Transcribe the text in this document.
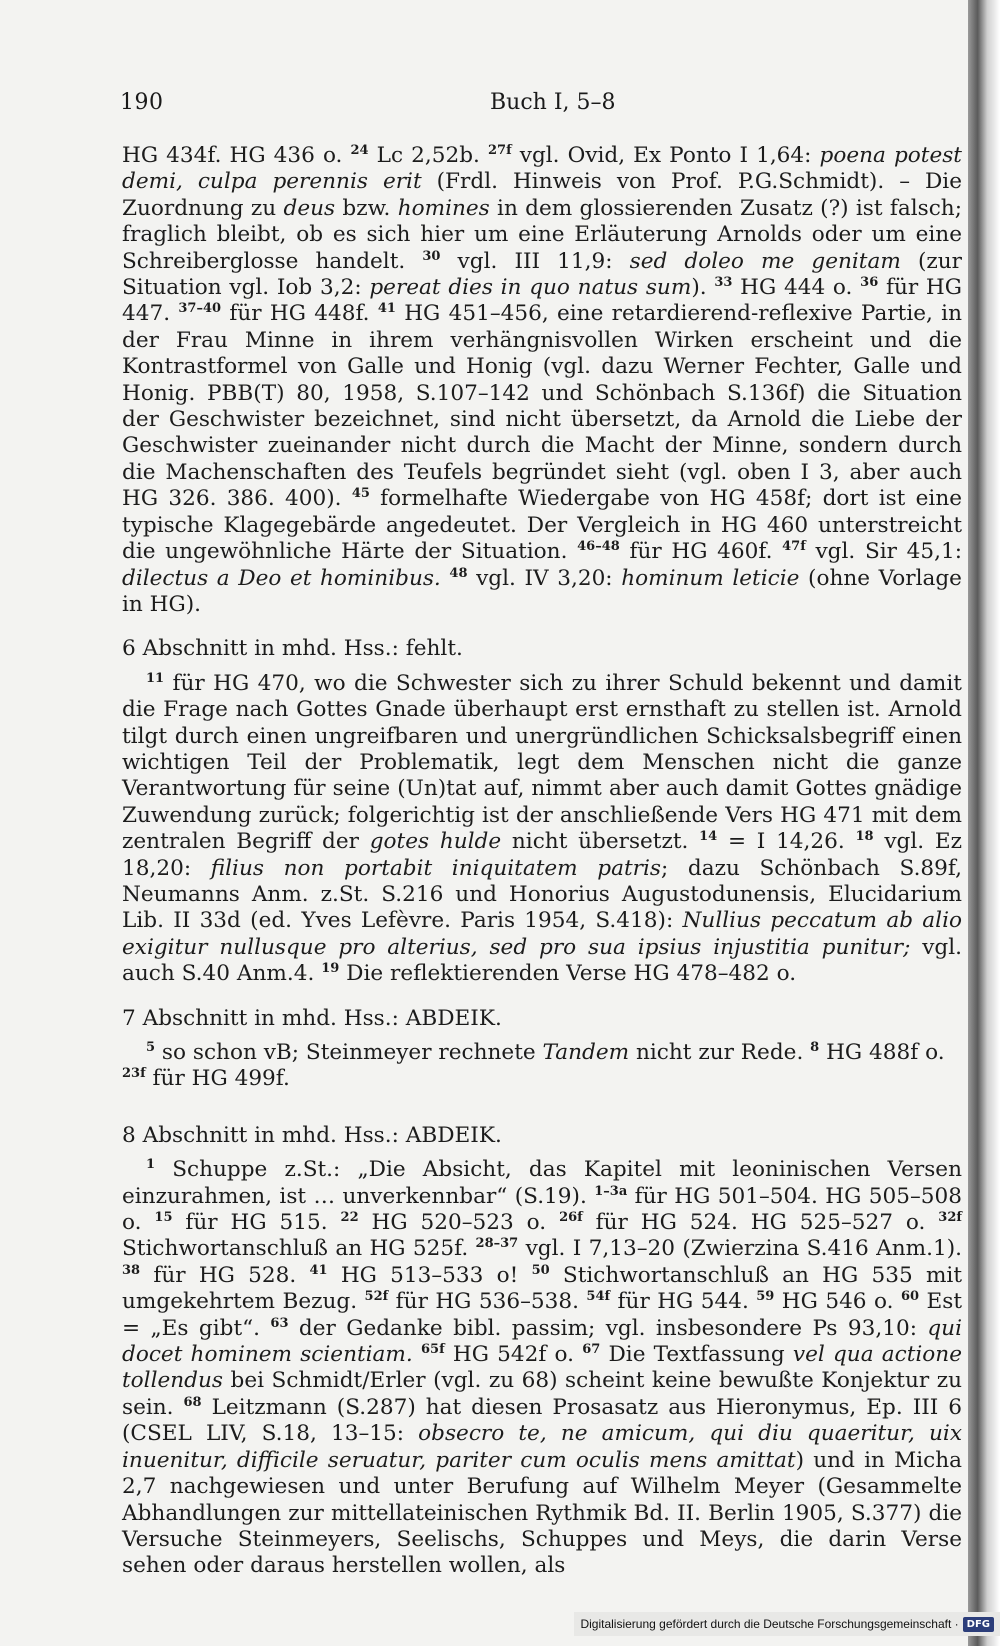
190	Buch I, 5–8

HG 434f. HG 436 o. $^{24}$ Lc 2,52b. $^{27f}$ vgl. Ovid, Ex Ponto I 1,64: poena potest demi, culpa perennis erit (Frdl. Hinweis von Prof. P.G.Schmidt). – Die Zuordnung zu deus bzw. homines in dem glossierenden Zusatz (?) ist falsch; fraglich bleibt, ob es sich hier um eine Erläuterung Arnolds oder um eine Schreiberglosse handelt. $^{30}$ vgl. III 11,9: sed doleo me genitam (zur Situation vgl. Iob 3,2: pereat dies in quo natus sum). $^{33}$ HG 444 o. $^{36}$ für HG 447. $^{37-40}$ für HG 448f. $^{41}$ HG 451–456, eine retardierend-reflexive Partie, in der Frau Minne in ihrem verhängnisvollen Wirken erscheint und die Kontrastformel von Galle und Honig (vgl. dazu Werner Fechter, Galle und Honig. PBB(T) 80, 1958, S.107–142 und Schönbach S.136f) die Situation der Geschwister bezeichnet, sind nicht übersetzt, da Arnold die Liebe der Geschwister zueinander nicht durch die Macht der Minne, sondern durch die Machenschaften des Teufels begründet sieht (vgl. oben I 3, aber auch HG 326. 386. 400). $^{45}$ formelhafte Wiedergabe von HG 458f; dort ist eine typische Klagegebärde angedeutet. Der Vergleich in HG 460 unterstreicht die ungewöhnliche Härte der Situation. $^{46-48}$ für HG 460f. $^{47f}$ vgl. Sir 45,1: dilectus a Deo et hominibus. $^{48}$ vgl. IV 3,20: hominum leticie (ohne Vorlage in HG).

6 Abschnitt in mhd. Hss.: fehlt.

$^{11}$ für HG 470, wo die Schwester sich zu ihrer Schuld bekennt und damit die Frage nach Gottes Gnade überhaupt erst ernsthaft zu stellen ist. Arnold tilgt durch einen ungreifbaren und unergründlichen Schicksalsbegriff einen wichtigen Teil der Problematik, legt dem Menschen nicht die ganze Verantwortung für seine (Un)tat auf, nimmt aber auch damit Gottes gnädige Zuwendung zurück; folgerichtig ist der anschließende Vers HG 471 mit dem zentralen Begriff der gotes hulde nicht übersetzt. $^{14}$ = I 14,26. $^{18}$ vgl. Ez 18,20: filius non portabit iniquitatem patris; dazu Schönbach S.89f, Neumanns Anm. z.St. S.216 und Honorius Augustodunensis, Elucidarium Lib. II 33d (ed. Yves Lefèvre. Paris 1954, S.418): Nullius peccatum ab alio exigitur nullusque pro alterius, sed pro sua ipsius injustitia punitur; vgl. auch S.40 Anm.4. $^{19}$ Die reflektierenden Verse HG 478–482 o.

7 Abschnitt in mhd. Hss.: ABDEIK.

$^5$ so schon vB; Steinmeyer rechnete Tandem nicht zur Rede. $^8$ HG 488f o.
$^{23f}$ für HG 499f.

8 Abschnitt in mhd. Hss.: ABDEIK.

$^1$ Schuppe z.St.: „Die Absicht, das Kapitel mit leoninischen Versen einzurahmen, ist … unverkennbar“ (S.19). $^{1-3a}$ für HG 501–504. HG 505–508 o. $^{15}$ für HG 515. $^{22}$ HG 520–523 o. $^{26f}$ für HG 524. HG 525–527 o. $^{32f}$ Stichwortanschluß an HG 525f. $^{28-37}$ vgl. I 7,13–20 (Zwierzina S.416 Anm.1). $^{38}$ für HG 528. $^{41}$ HG 513–533 o! $^{50}$ Stichwortanschluß an HG 535 mit umgekehrtem Bezug. $^{52f}$ für HG 536–538. $^{54f}$ für HG 544. $^{59}$ HG 546 o. $^{60}$ Est = „Es gibt“. $^{63}$ der Gedanke bibl. passim; vgl. insbesondere Ps 93,10: qui docet hominem scientiam. $^{65f}$ HG 542f o. $^{67}$ Die Textfassung vel qua actione tollendus bei Schmidt/Erler (vgl. zu 68) scheint keine bewußte Konjektur zu sein. $^{68}$ Leitzmann (S.287) hat diesen Prosasatz aus Hieronymus, Ep. III 6 (CSEL LIV, S.18, 13–15: obsecro te, ne amicum, qui diu quaeritur, uix inuenitur, difficile seruatur, pariter cum oculis mens amittat) und in Micha 2,7 nachgewiesen und unter Berufung auf Wilhelm Meyer (Gesammelte Abhandlungen zur mittellateinischen Rythmik Bd. II. Berlin 1905, S.377) die Versuche Steinmeyers, Seelischs, Schuppes und Meys, die darin Verse sehen oder daraus herstellen wollen, als

Digitalisierung gefördert durch die Deutsche Forschungsgemeinschaft · DFG
